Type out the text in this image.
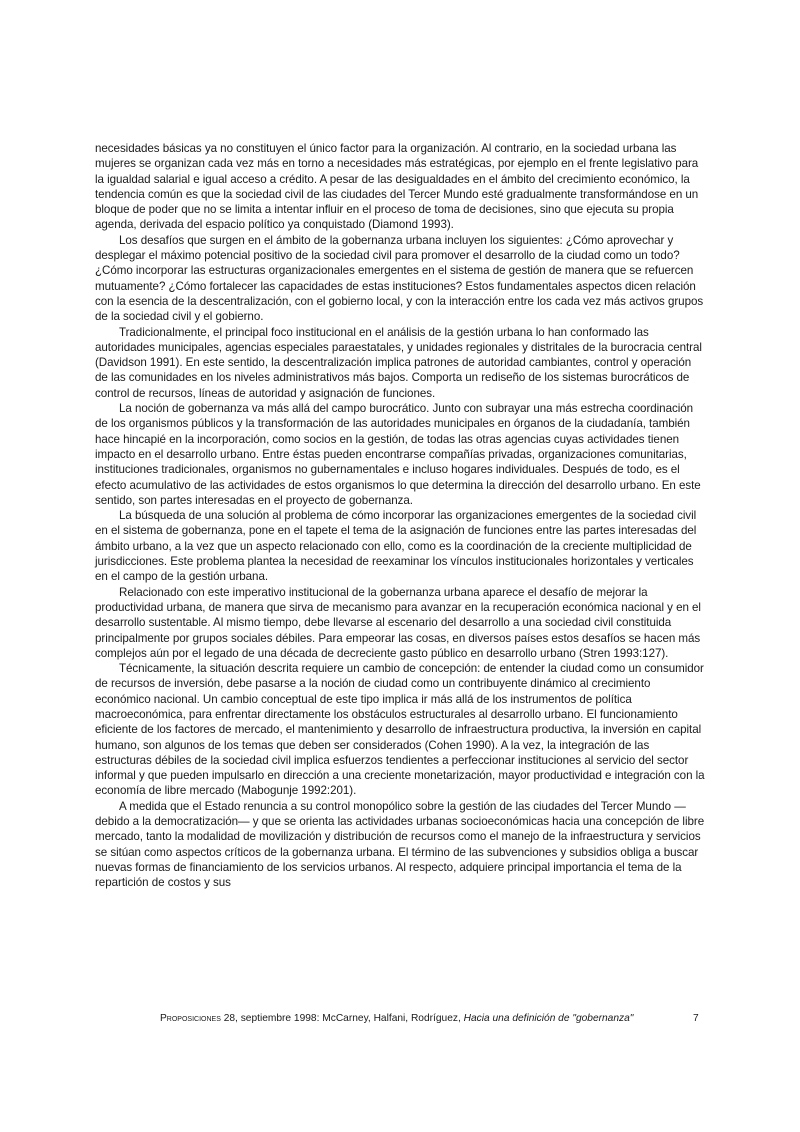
necesidades básicas ya no constituyen el único factor para la organización. Al contrario, en la sociedad urbana las mujeres se organizan cada vez más en torno a necesidades más estratégicas, por ejemplo en el frente legislativo para la igualdad salarial e igual acceso a crédito. A pesar de las desigualdades en el ámbito del crecimiento económico, la tendencia común es que la sociedad civil de las ciudades del Tercer Mundo esté gradualmente transformándose en un bloque de poder que no se limita a intentar influir en el proceso de toma de decisiones, sino que ejecuta su propia agenda, derivada del espacio político ya conquistado (Diamond 1993).

Los desafíos que surgen en el ámbito de la gobernanza urbana incluyen los siguientes: ¿Cómo aprovechar y desplegar el máximo potencial positivo de la sociedad civil para promover el desarrollo de la ciudad como un todo? ¿Cómo incorporar las estructuras organizacionales emergentes en el sistema de gestión de manera que se refuercen mutuamente? ¿Cómo fortalecer las capacidades de estas instituciones? Estos fundamentales aspectos dicen relación con la esencia de la descentralización, con el gobierno local, y con la interacción entre los cada vez más activos grupos de la sociedad civil y el gobierno.

Tradicionalmente, el principal foco institucional en el análisis de la gestión urbana lo han conformado las autoridades municipales, agencias especiales paraestatales, y unidades regionales y distritales de la burocracia central (Davidson 1991). En este sentido, la descentralización implica patrones de autoridad cambiantes, control y operación de las comunidades en los niveles administrativos más bajos. Comporta un rediseño de los sistemas burocráticos de control de recursos, líneas de autoridad y asignación de funciones.

La noción de gobernanza va más allá del campo burocrático. Junto con subrayar una más estrecha coordinación de los organismos públicos y la transformación de las autoridades municipales en órganos de la ciudadanía, también hace hincapié en la incorporación, como socios en la gestión, de todas las otras agencias cuyas actividades tienen impacto en el desarrollo urbano. Entre éstas pueden encontrarse compañías privadas, organizaciones comunitarias, instituciones tradicionales, organismos no gubernamentales e incluso hogares individuales. Después de todo, es el efecto acumulativo de las actividades de estos organismos lo que determina la dirección del desarrollo urbano. En este sentido, son partes interesadas en el proyecto de gobernanza.

La búsqueda de una solución al problema de cómo incorporar las organizaciones emergentes de la sociedad civil en el sistema de gobernanza, pone en el tapete el tema de la asignación de funciones entre las partes interesadas del ámbito urbano, a la vez que un aspecto relacionado con ello, como es la coordinación de la creciente multiplicidad de jurisdicciones. Este problema plantea la necesidad de reexaminar los vínculos institucionales horizontales y verticales en el campo de la gestión urbana.

Relacionado con este imperativo institucional de la gobernanza urbana aparece el desafío de mejorar la productividad urbana, de manera que sirva de mecanismo para avanzar en la recuperación económica nacional y en el desarrollo sustentable. Al mismo tiempo, debe llevarse al escenario del desarrollo a una sociedad civil constituida principalmente por grupos sociales débiles. Para empeorar las cosas, en diversos países estos desafíos se hacen más complejos aún por el legado de una década de decreciente gasto público en desarrollo urbano (Stren 1993:127).

Técnicamente, la situación descrita requiere un cambio de concepción: de entender la ciudad como un consumidor de recursos de inversión, debe pasarse a la noción de ciudad como un contribuyente dinámico al crecimiento económico nacional. Un cambio conceptual de este tipo implica ir más allá de los instrumentos de política macroeconómica, para enfrentar directamente los obstáculos estructurales al desarrollo urbano. El funcionamiento eficiente de los factores de mercado, el mantenimiento y desarrollo de infraestructura productiva, la inversión en capital humano, son algunos de los temas que deben ser considerados (Cohen 1990). A la vez, la integración de las estructuras débiles de la sociedad civil implica esfuerzos tendientes a perfeccionar instituciones al servicio del sector informal y que pueden impulsarlo en dirección a una creciente monetarización, mayor productividad e integración con la economía de libre mercado (Mabogunje 1992:201).

A medida que el Estado renuncia a su control monopólico sobre la gestión de las ciudades del Tercer Mundo —debido a la democratización— y que se orienta las actividades urbanas socioeconómicas hacia una concepción de libre mercado, tanto la modalidad de movilización y distribución de recursos como el manejo de la infraestructura y servicios se sitúan como aspectos críticos de la gobernanza urbana. El término de las subvenciones y subsidios obliga a buscar nuevas formas de financiamiento de los servicios urbanos. Al respecto, adquiere principal importancia el tema de la repartición de costos y sus

Proposiciones 28, septiembre 1998: McCarney, Halfani, Rodríguez, Hacia una definición de "gobernanza"	7
